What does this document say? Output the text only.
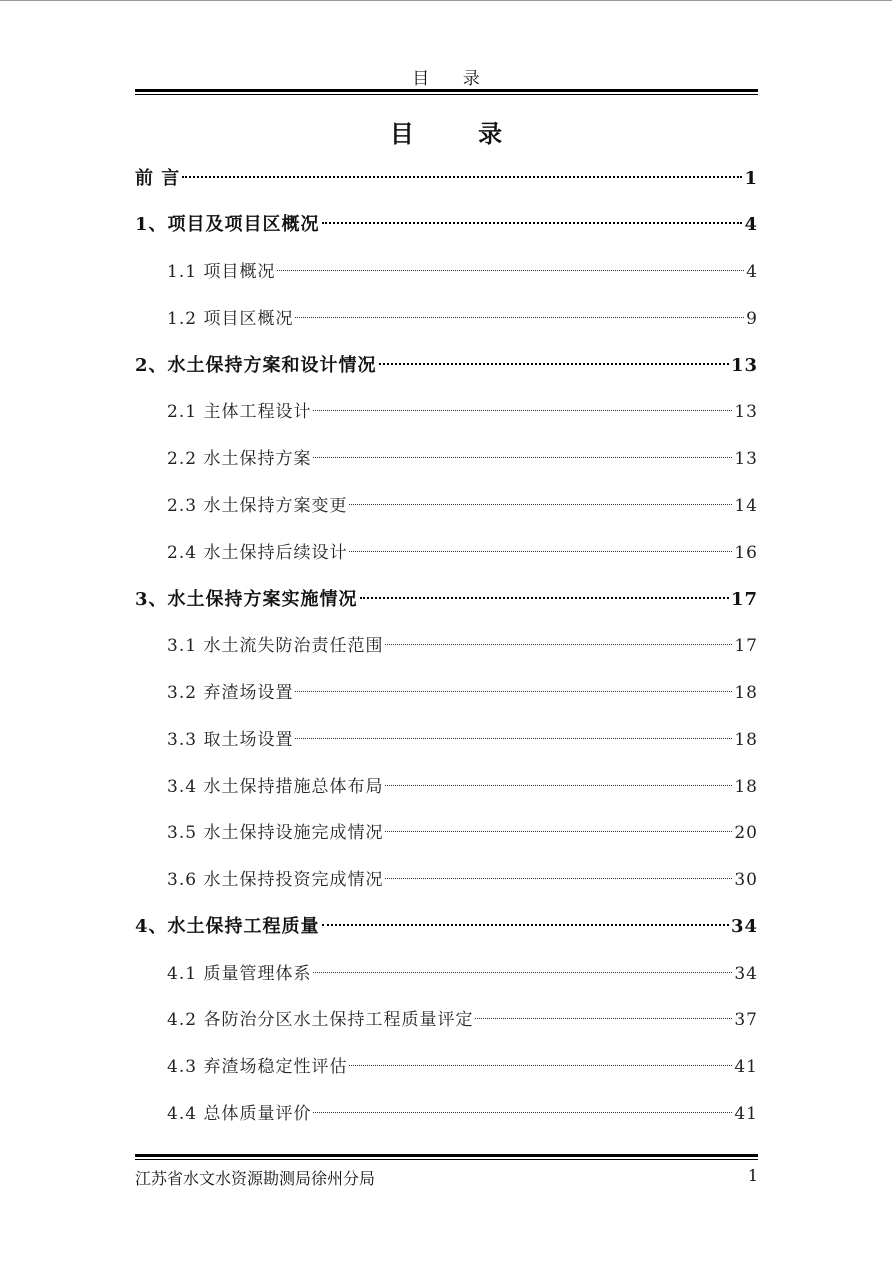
目 录
目 录
前 言	1
1、项目及项目区概况	4
1.1 项目概况	4
1.2 项目区概况	9
2、水土保持方案和设计情况	13
2.1 主体工程设计	13
2.2 水土保持方案	13
2.3 水土保持方案变更	14
2.4 水土保持后续设计	16
3、水土保持方案实施情况	17
3.1 水土流失防治责任范围	17
3.2 弃渣场设置	18
3.3 取土场设置	18
3.4 水土保持措施总体布局	18
3.5 水土保持设施完成情况	20
3.6 水土保持投资完成情况	30
4、水土保持工程质量	34
4.1 质量管理体系	34
4.2 各防治分区水土保持工程质量评定	37
4.3 弃渣场稳定性评估	41
4.4 总体质量评价	41
江苏省水文水资源勘测局徐州分局	1
